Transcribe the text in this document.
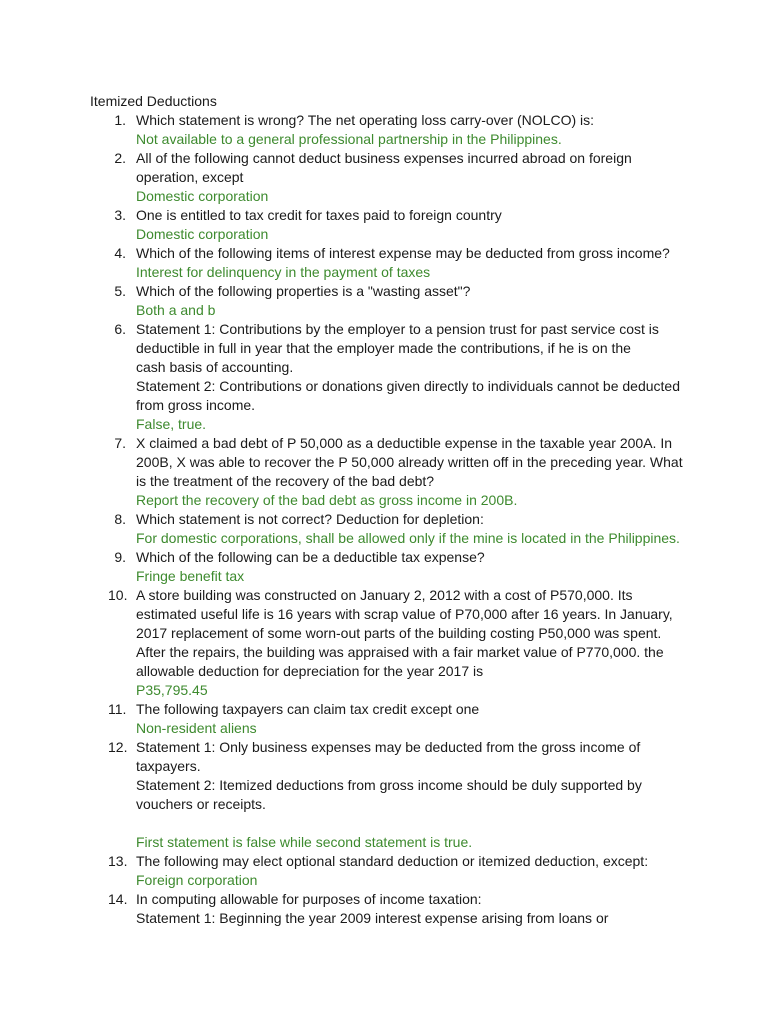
Itemized Deductions
1. Which statement is wrong? The net operating loss carry-over (NOLCO) is:
Not available to a general professional partnership in the Philippines.
2. All of the following cannot deduct business expenses incurred abroad on foreign
operation, except
Domestic corporation
3. One is entitled to tax credit for taxes paid to foreign country
Domestic corporation
4. Which of the following items of interest expense may be deducted from gross income?
Interest for delinquency in the payment of taxes
5. Which of the following properties is a "wasting asset"?
Both a and b
6. Statement 1: Contributions by the employer to a pension trust for past service cost is
deductible in full in year that the employer made the contributions, if he is on the
cash basis of accounting.
Statement 2: Contributions or donations given directly to individuals cannot be deducted
from gross income.
False, true.
7. X claimed a bad debt of P 50,000 as a deductible expense in the taxable year 200A. In
200B, X was able to recover the P 50,000 already written off in the preceding year. What
is the treatment of the recovery of the bad debt?
Report the recovery of the bad debt as gross income in 200B.
8. Which statement is not correct? Deduction for depletion:
For domestic corporations, shall be allowed only if the mine is located in the Philippines.
9. Which of the following can be a deductible tax expense?
Fringe benefit tax
10. A store building was constructed on January 2, 2012 with a cost of P570,000. Its
estimated useful life is 16 years with scrap value of P70,000 after 16 years. In January,
2017 replacement of some worn-out parts of the building costing P50,000 was spent.
After the repairs, the building was appraised with a fair market value of P770,000. the
allowable deduction for depreciation for the year 2017 is
P35,795.45
11. The following taxpayers can claim tax credit except one
Non-resident aliens
12. Statement 1: Only business expenses may be deducted from the gross income of
taxpayers.
Statement 2: Itemized deductions from gross income should be duly supported by
vouchers or receipts.
First statement is false while second statement is true.
13. The following may elect optional standard deduction or itemized deduction, except:
Foreign corporation
14. In computing allowable for purposes of income taxation:
Statement 1: Beginning the year 2009 interest expense arising from loans or
